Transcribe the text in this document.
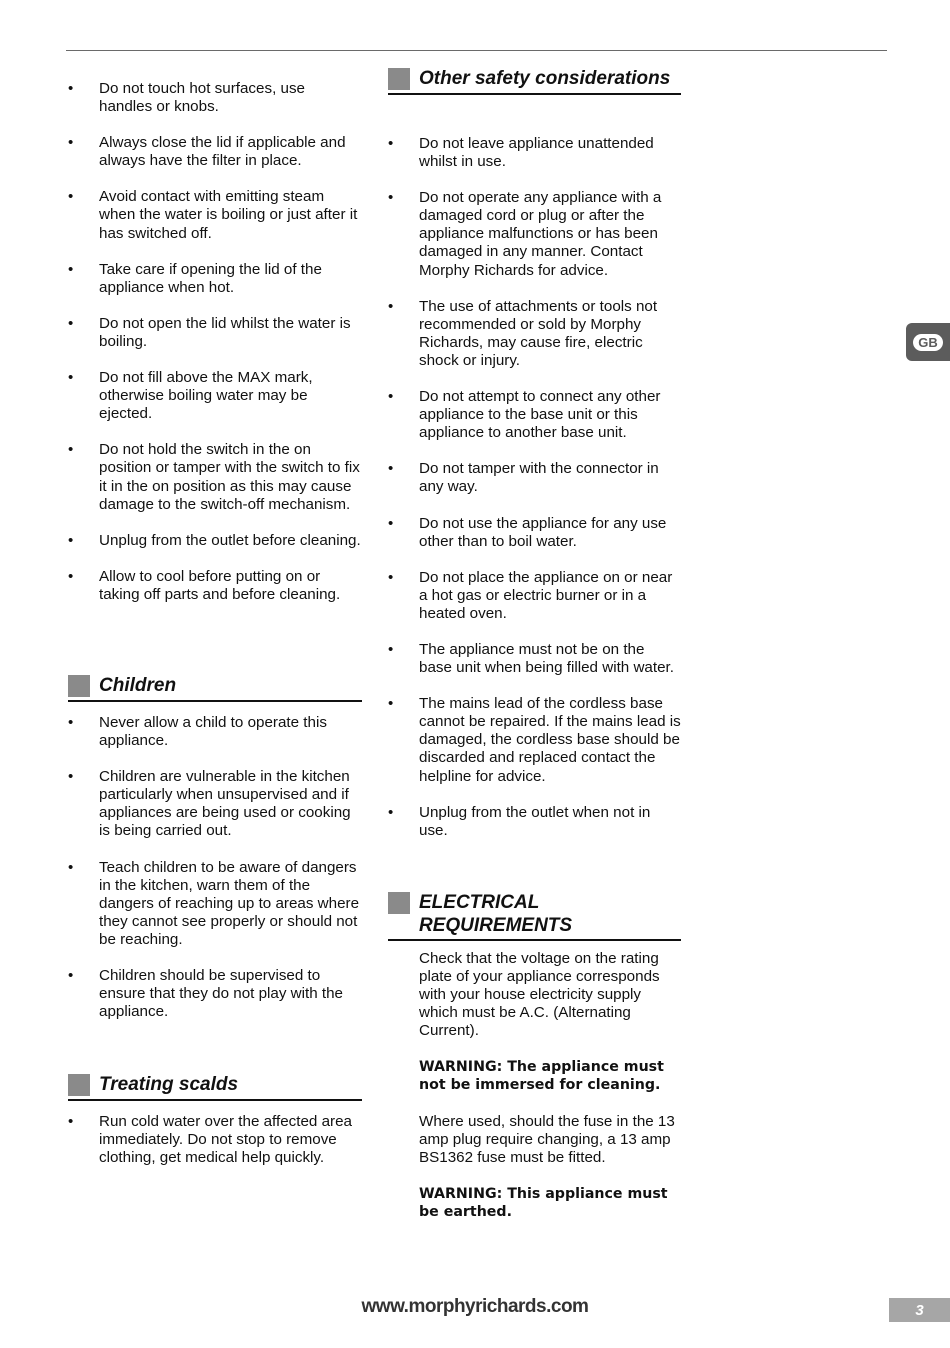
• Do not touch hot surfaces, use handles or knobs.
• Always close the lid if applicable and always have the filter in place.
• Avoid contact with emitting steam when the water is boiling or just after it has switched off.
• Take care if opening the lid of the appliance when hot.
• Do not open the lid whilst the water is boiling.
• Do not fill above the MAX mark, otherwise boiling water may be ejected.
• Do not hold the switch in the on position or tamper with the switch to fix it in the on position as this may cause damage to the switch-off mechanism.
• Unplug from the outlet before cleaning.
• Allow to cool before putting on or taking off parts and before cleaning.
Children
• Never allow a child to operate this appliance.
• Children are vulnerable in the kitchen particularly when unsupervised and if appliances are being used or cooking is being carried out.
• Teach children to be aware of dangers in the kitchen, warn them of the dangers of reaching up to areas where they cannot see properly or should not be reaching.
• Children should be supervised to ensure that they do not play with the appliance.
Treating scalds
• Run cold water over the affected area immediately. Do not stop to remove clothing, get medical help quickly.
Other safety considerations
• Do not leave appliance unattended whilst in use.
• Do not operate any appliance with a damaged cord or plug or after the appliance malfunctions or has been damaged in any manner. Contact Morphy Richards for advice.
• The use of attachments or tools not recommended or sold by Morphy Richards, may cause fire, electric shock or injury.
• Do not attempt to connect any other appliance to the base unit or this appliance to another base unit.
• Do not tamper with the connector in any way.
• Do not use the appliance for any use other than to boil water.
• Do not place the appliance on or near a hot gas or electric burner or in a heated oven.
• The appliance must not be on the base unit when being filled with water.
• The mains lead of the cordless base cannot be repaired. If the mains lead is damaged, the cordless base should be discarded and replaced contact the helpline for advice.
• Unplug from the outlet when not in use.
ELECTRICAL REQUIREMENTS
Check that the voltage on the rating plate of your appliance corresponds with your house electricity supply which must be A.C. (Alternating Current).
WARNING: The appliance must not be immersed for cleaning.
Where used, should the fuse in the 13 amp plug require changing, a 13 amp BS1362 fuse must be fitted.
WARNING: This appliance must be earthed.
GB
www.morphyrichards.com	3
